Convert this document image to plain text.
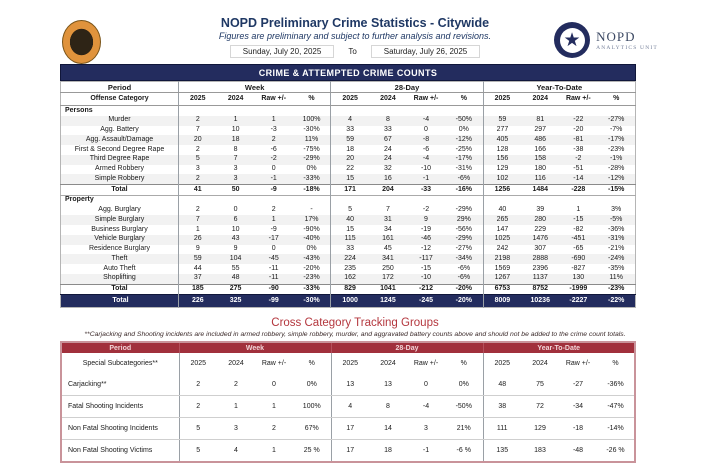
NOPD Preliminary Crime Statistics - Citywide
Figures are preliminary and subject to further analysis and revisions.
Sunday, July 20, 2025	To	Saturday, July 26, 2025
★ NOPD
ANALYTICS UNIT
CRIME & ATTEMPTED CRIME COUNTS
Period	Week				28-Day				Year-To-Date			
Offense Category	2025	2024	Raw +/-	%	2025	2024	Raw +/-	%	2025	2024	Raw +/-	%
Persons												
Murder	2	1	1	100%	4	8	-4	-50%	59	81	-22	-27%
Agg. Battery	7	10	-3	-30%	33	33	0	0%	277	297	-20	-7%
Agg. Assault/Damage	20	18	2	11%	59	67	-8	-12%	405	486	-81	-17%
First & Second Degree Rape	2	8	-6	-75%	18	24	-6	-25%	128	166	-38	-23%
Third Degree Rape	5	7	-2	-29%	20	24	-4	-17%	156	158	-2	-1%
Armed Robbery	3	3	0	0%	22	32	-10	-31%	129	180	-51	-28%
Simple Robbery	2	3	-1	-33%	15	16	-1	-6%	102	116	-14	-12%
Total	41	50	-9	-18%	171	204	-33	-16%	1256	1484	-228	-15%
Property												
Agg. Burglary	2	0	2	-	5	7	-2	-29%	40	39	1	3%
Simple Burglary	7	6	1	17%	40	31	9	29%	265	280	-15	-5%
Business Burglary	1	10	-9	-90%	15	34	-19	-56%	147	229	-82	-36%
Vehicle Burglary	26	43	-17	-40%	115	161	-46	-29%	1025	1476	-451	-31%
Residence Burglary	9	9	0	0%	33	45	-12	-27%	242	307	-65	-21%
Theft	59	104	-45	-43%	224	341	-117	-34%	2198	2888	-690	-24%
Auto Theft	44	55	-11	-20%	235	250	-15	-6%	1569	2396	-827	-35%
Shoplifting	37	48	-11	-23%	162	172	-10	-6%	1267	1137	130	11%
Total	185	275	-90	-33%	829	1041	-212	-20%	6753	8752	-1999	-23%
Total	226	325	-99	-30%	1000	1245	-245	-20%	8009	10236	-2227	-22%
Cross Category Tracking Groups
**Carjacking and Shooting incidents are included in armed robbery, simple robbery, murder, and aggravated battery counts above and should not be added to the crime count totals.
Period	Week				28-Day				Year-To-Date			
Special Subcategories**	2025	2024	Raw +/-	%	2025	2024	Raw +/-	%	2025	2024	Raw +/-	%
Carjacking**	2	2	0	0%	13	13	0	0%	48	75	-27	-36%
Fatal Shooting Incidents	2	1	1	100%	4	8	-4	-50%	38	72	-34	-47%
Non Fatal Shooting Incidents	5	3	2	67%	17	14	3	21%	111	129	-18	-14%
Non Fatal Shooting Victims	5	4	1	25 %	17	18	-1	-6 %	135	183	-48	-26 %
